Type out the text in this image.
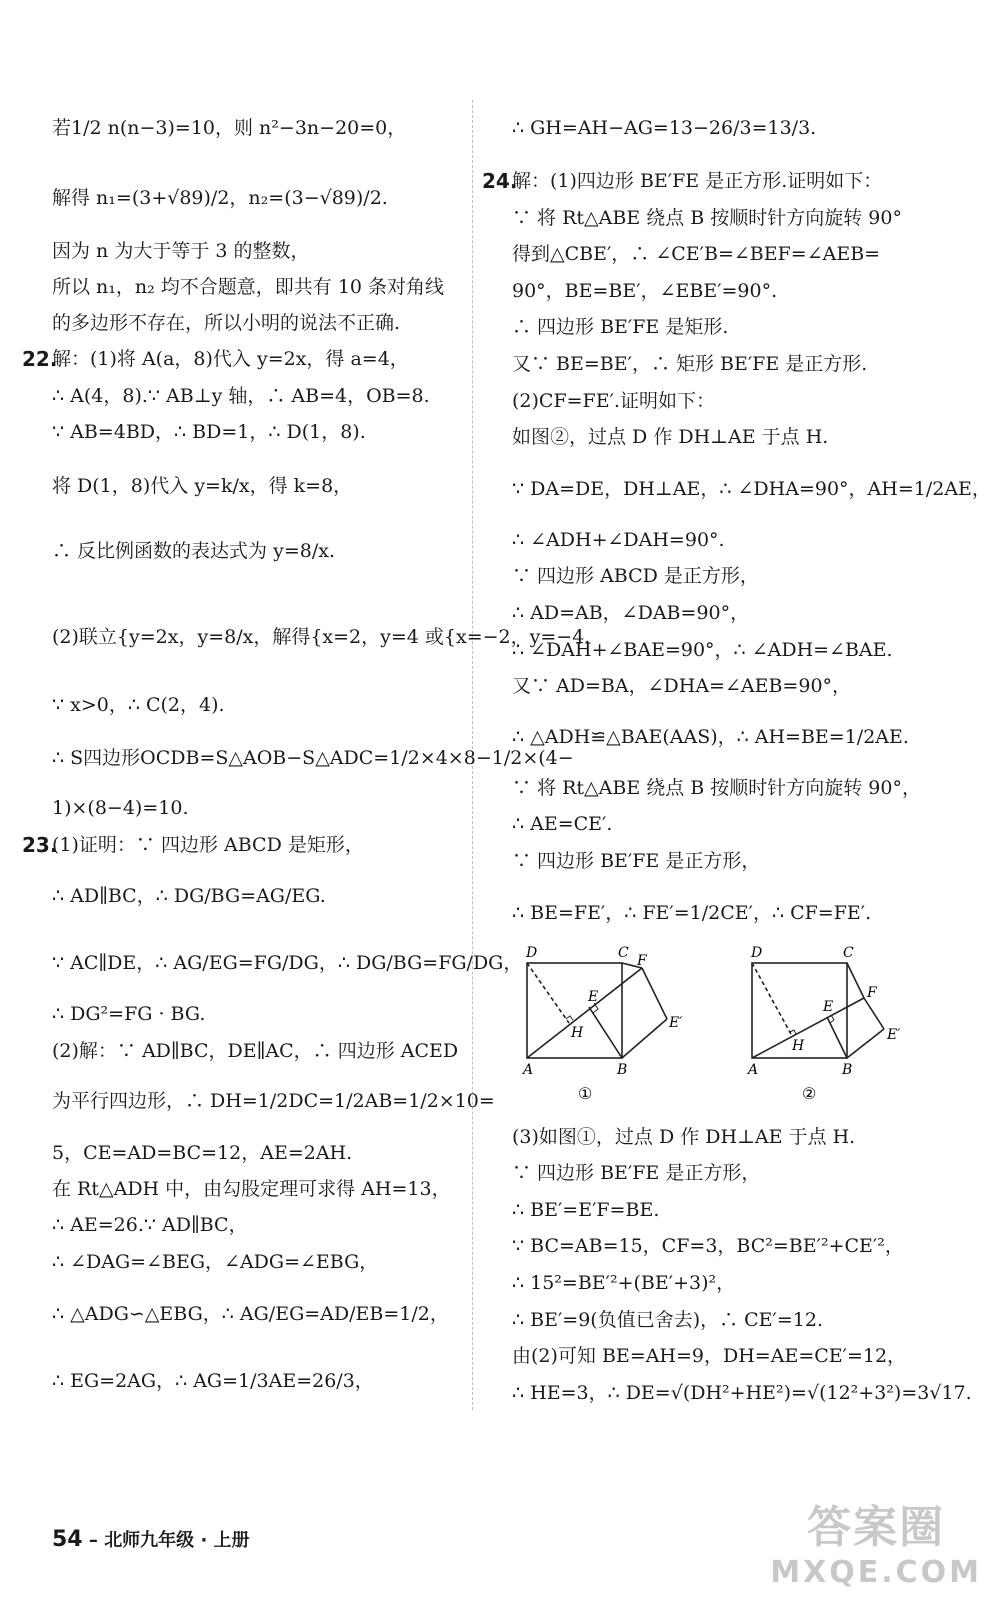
若1/2 n(n−3)=10，则 n²−3n−20=0，
解得 n₁=(3+√89)/2，n₂=(3−√89)/2.
因为 n 为大于等于 3 的整数，
所以 n₁，n₂ 均不合题意，即共有 10 条对角线
的多边形不存在，所以小明的说法不正确.
22.
解：(1)将 A(a，8)代入 y=2x，得 a=4，
∴ A(4，8).∵ AB⊥y 轴，∴ AB=4，OB=8.
∵ AB=4BD，∴ BD=1，∴ D(1，8).
将 D(1，8)代入 y=k/x，得 k=8，
∴ 反比例函数的表达式为 y=8/x.
(2)联立{y=2x，y=8/x，解得{x=2，y=4 或{x=−2，y=−4.
∵ x>0，∴ C(2，4).
∴ S四边形OCDB=S△AOB−S△ADC=1/2×4×8−1/2×(4−
1)×(8−4)=10.
23.
(1)证明：∵ 四边形 ABCD 是矩形，
∴ AD∥BC，∴ DG/BG=AG/EG.
∵ AC∥DE，∴ AG/EG=FG/DG，∴ DG/BG=FG/DG，
∴ DG²=FG · BG.
(2)解：∵ AD∥BC，DE∥AC，∴ 四边形 ACED
为平行四边形，∴ DH=1/2DC=1/2AB=1/2×10=
5，CE=AD=BC=12，AE=2AH.
在 Rt△ADH 中，由勾股定理可求得 AH=13，
∴ AE=26.∵ AD∥BC，
∴ ∠DAG=∠BEG，∠ADG=∠EBG，
∴ △ADG∽△EBG，∴ AG/EG=AD/EB=1/2，
∴ EG=2AG，∴ AG=1/3AE=26/3，
54 – 北师九年级 · 上册
∴ GH=AH−AG=13−26/3=13/3.
24.
解：(1)四边形 BE′FE 是正方形.证明如下：
∵ 将 Rt△ABE 绕点 B 按顺时针方向旋转 90°
得到△CBE′，∴ ∠CE′B=∠BEF=∠AEB=
90°，BE=BE′，∠EBE′=90°.
∴ 四边形 BE′FE 是矩形.
又∵ BE=BE′，∴ 矩形 BE′FE 是正方形.
(2)CF=FE′.证明如下：
如图②，过点 D 作 DH⊥AE 于点 H.
∵ DA=DE，DH⊥AE，∴ ∠DHA=90°，AH=1/2AE，
∴ ∠ADH+∠DAH=90°.
∵ 四边形 ABCD 是正方形，
∴ AD=AB，∠DAB=90°，
∴ ∠DAH+∠BAE=90°，∴ ∠ADH=∠BAE.
又∵ AD=BA，∠DHA=∠AEB=90°，
∴ △ADH≌△BAE(AAS)，∴ AH=BE=1/2AE.
∵ 将 Rt△ABE 绕点 B 按顺时针方向旋转 90°，
∴ AE=CE′.
∵ 四边形 BE′FE 是正方形，
∴ BE=FE′，∴ FE′=1/2CE′，∴ CF=FE′.
D	C F
E
H
E′
A	B
①
D	C
F
E
H
E′
A	B
②
(3)如图①，过点 D 作 DH⊥AE 于点 H.
∵ 四边形 BE′FE 是正方形，
∴ BE′=E′F=BE.
∵ BC=AB=15，CF=3，BC²=BE′²+CE′²，
∴ 15²=BE′²+(BE′+3)²，
∴ BE′=9(负值已舍去)，∴ CE′=12.
由(2)可知 BE=AH=9，DH=AE=CE′=12，
∴ HE=3，∴ DE=√(DH²+HE²)=√(12²+3²)=3√17.
答案圈
MXQE.COM
